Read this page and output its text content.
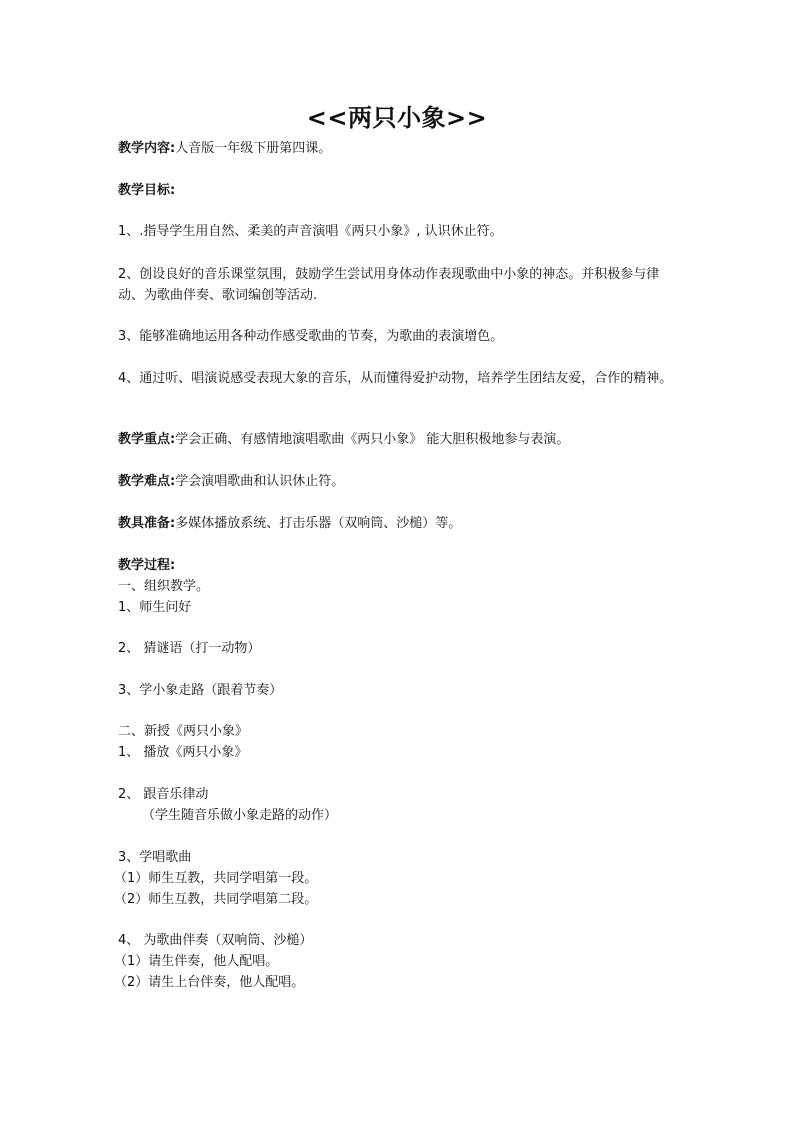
<<两只小象>>
教学内容:人音版一年级下册第四课。
教学目标:
1、.指导学生用自然、柔美的声音演唱《两只小象》, 认识休止符。
2、创设良好的音乐课堂氛围，鼓励学生尝试用身体动作表现歌曲中小象的神态。并积极参与律动、为歌曲伴奏、歌词编创等活动.
3、能够准确地运用各种动作感受歌曲的节奏，为歌曲的表演增色。
4、通过听、唱演说感受表现大象的音乐，从而懂得爱护动物，培养学生团结友爱，合作的精神。
教学重点:学会正确、有感情地演唱歌曲《两只小象》 能大胆积极地参与表演。
教学难点:学会演唱歌曲和认识休止符。
教具准备:多媒体播放系统、打击乐器（双响筒、沙槌）等。
教学过程:
一、组织教学。
1、师生问好
2、 猜谜语（打一动物）
3、学小象走路（跟着节奏）
二、新授《两只小象》
1、 播放《两只小象》
2、 跟音乐律动
（学生随音乐做小象走路的动作）
3、学唱歌曲
（1）师生互教，共同学唱第一段。
（2）师生互教，共同学唱第二段。
4、 为歌曲伴奏（双响筒、沙槌）
（1）请生伴奏，他人配唱。
（2）请生上台伴奏，他人配唱。
